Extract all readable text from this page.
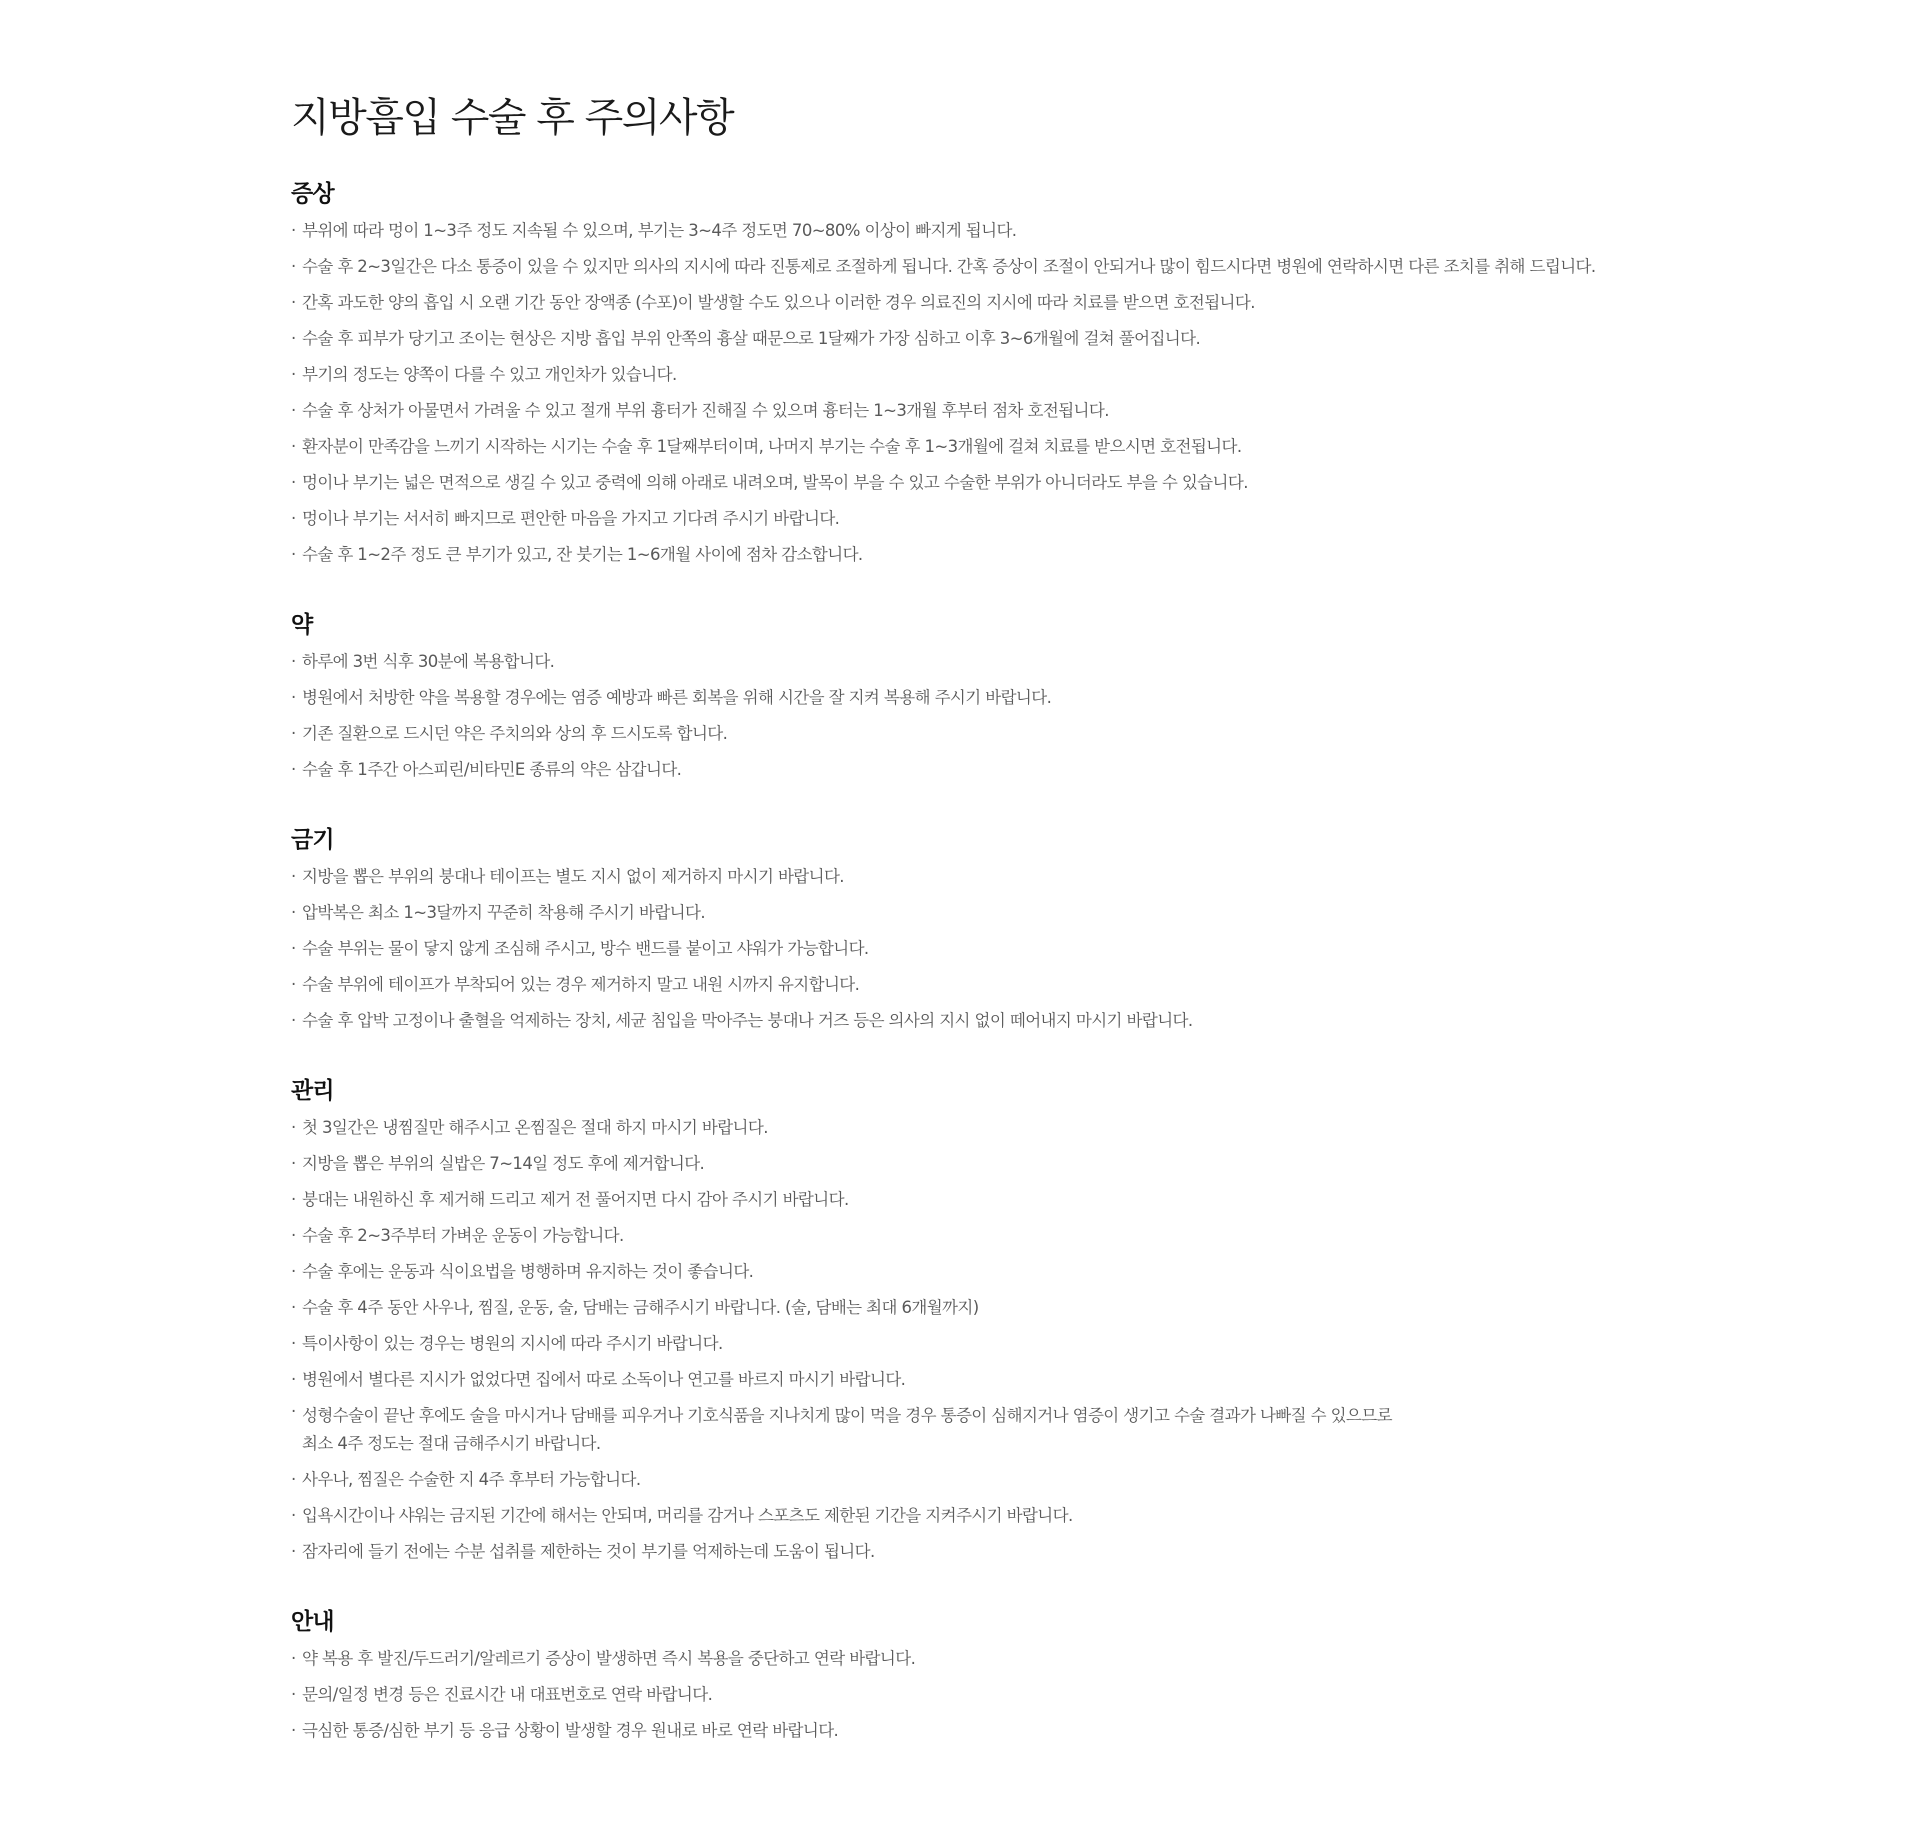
지방흡입 수술 후 주의사항
증상
· 부위에 따라 멍이 1~3주 정도 지속될 수 있으며, 부기는 3~4주 정도면 70~80% 이상이 빠지게 됩니다.
· 수술 후 2~3일간은 다소 통증이 있을 수 있지만 의사의 지시에 따라 진통제로 조절하게 됩니다. 간혹 증상이 조절이 안되거나 많이 힘드시다면 병원에 연락하시면 다른 조치를 취해 드립니다.
· 간혹 과도한 양의 흡입 시 오랜 기간 동안 장액종 (수포)이 발생할 수도 있으나 이러한 경우 의료진의 지시에 따라 치료를 받으면 호전됩니다.
· 수술 후 피부가 당기고 조이는 현상은 지방 흡입 부위 안쪽의 흉살 때문으로 1달째가 가장 심하고 이후 3~6개월에 걸쳐 풀어집니다.
· 부기의 정도는 양쪽이 다를 수 있고 개인차가 있습니다.
· 수술 후 상처가 아물면서 가려울 수 있고 절개 부위 흉터가 진해질 수 있으며 흉터는 1~3개월 후부터 점차 호전됩니다.
· 환자분이 만족감을 느끼기 시작하는 시기는 수술 후 1달째부터이며, 나머지 부기는 수술 후 1~3개월에 걸쳐 치료를 받으시면 호전됩니다.
· 멍이나 부기는 넓은 면적으로 생길 수 있고 중력에 의해 아래로 내려오며, 발목이 부을 수 있고 수술한 부위가 아니더라도 부을 수 있습니다.
· 멍이나 부기는 서서히 빠지므로 편안한 마음을 가지고 기다려 주시기 바랍니다.
· 수술 후 1~2주 정도 큰 부기가 있고, 잔 붓기는 1~6개월 사이에 점차 감소합니다.
약
· 하루에 3번 식후 30분에 복용합니다.
· 병원에서 처방한 약을 복용할 경우에는 염증 예방과 빠른 회복을 위해 시간을 잘 지켜 복용해 주시기 바랍니다.
· 기존 질환으로 드시던 약은 주치의와 상의 후 드시도록 합니다.
· 수술 후 1주간 아스피린/비타민E 종류의 약은 삼갑니다.
금기
· 지방을 뽑은 부위의 붕대나 테이프는 별도 지시 없이 제거하지 마시기 바랍니다.
· 압박복은 최소 1~3달까지 꾸준히 착용해 주시기 바랍니다.
· 수술 부위는 물이 닿지 않게 조심해 주시고, 방수 밴드를 붙이고 샤워가 가능합니다.
· 수술 부위에 테이프가 부착되어 있는 경우 제거하지 말고 내원 시까지 유지합니다.
· 수술 후 압박 고정이나 출혈을 억제하는 장치, 세균 침입을 막아주는 붕대나 거즈 등은 의사의 지시 없이 떼어내지 마시기 바랍니다.
관리
· 첫 3일간은 냉찜질만 해주시고 온찜질은 절대 하지 마시기 바랍니다.
· 지방을 뽑은 부위의 실밥은 7~14일 정도 후에 제거합니다.
· 붕대는 내원하신 후 제거해 드리고 제거 전 풀어지면 다시 감아 주시기 바랍니다.
· 수술 후 2~3주부터 가벼운 운동이 가능합니다.
· 수술 후에는 운동과 식이요법을 병행하며 유지하는 것이 좋습니다.
· 수술 후 4주 동안 사우나, 찜질, 운동, 술, 담배는 금해주시기 바랍니다. (술, 담배는 최대 6개월까지)
· 특이사항이 있는 경우는 병원의 지시에 따라 주시기 바랍니다.
· 병원에서 별다른 지시가 없었다면 집에서 따로 소독이나 연고를 바르지 마시기 바랍니다.
· 성형수술이 끝난 후에도 술을 마시거나 담배를 피우거나 기호식품을 지나치게 많이 먹을 경우 통증이 심해지거나 염증이 생기고 수술 결과가 나빠질 수 있으므로
최소 4주 정도는 절대 금해주시기 바랍니다.
· 사우나, 찜질은 수술한 지 4주 후부터 가능합니다.
· 입욕시간이나 샤워는 금지된 기간에 해서는 안되며, 머리를 감거나 스포츠도 제한된 기간을 지켜주시기 바랍니다.
· 잠자리에 들기 전에는 수분 섭취를 제한하는 것이 부기를 억제하는데 도움이 됩니다.
안내
· 약 복용 후 발진/두드러기/알레르기 증상이 발생하면 즉시 복용을 중단하고 연락 바랍니다.
· 문의/일정 변경 등은 진료시간 내 대표번호로 연락 바랍니다.
· 극심한 통증/심한 부기 등 응급 상황이 발생할 경우 원내로 바로 연락 바랍니다.
